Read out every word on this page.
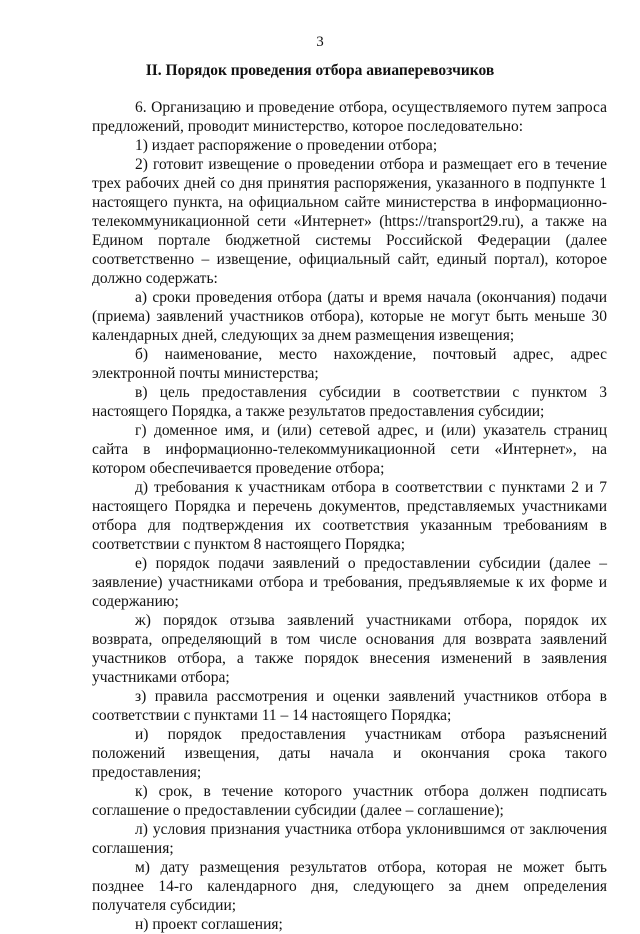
3
II. Порядок проведения отбора авиаперевозчиков

6. Организацию и проведение отбора, осуществляемого путем запроса предложений, проводит министерство, которое последовательно:

1) издает распоряжение о проведении отбора;

2) готовит извещение о проведении отбора и размещает его в течение трех рабочих дней со дня принятия распоряжения, указанного в подпункте 1 настоящего пункта, на официальном сайте министерства в информационно-телекоммуникационной сети «Интернет» (https://transport29.ru), а также на Едином портале бюджетной системы Российской Федерации (далее соответственно – извещение, официальный сайт, единый портал), которое должно содержать:

а) сроки проведения отбора (даты и время начала (окончания) подачи (приема) заявлений участников отбора), которые не могут быть меньше 30 календарных дней, следующих за днем размещения извещения;

б) наименование, место нахождение, почтовый адрес, адрес электронной почты министерства;

в) цель предоставления субсидии в соответствии с пунктом 3 настоящего Порядка, а также результатов предоставления субсидии;

г) доменное имя, и (или) сетевой адрес, и (или) указатель страниц сайта в информационно-телекоммуникационной сети «Интернет», на котором обеспечивается проведение отбора;

д) требования к участникам отбора в соответствии с пунктами 2 и 7 настоящего Порядка и перечень документов, представляемых участниками отбора для подтверждения их соответствия указанным требованиям в соответствии с пунктом 8 настоящего Порядка;

е) порядок подачи заявлений о предоставлении субсидии (далее – заявление) участниками отбора и требования, предъявляемые к их форме и содержанию;

ж) порядок отзыва заявлений участниками отбора, порядок их возврата, определяющий в том числе основания для возврата заявлений участников отбора, а также порядок внесения изменений в заявления участниками отбора;

з) правила рассмотрения и оценки заявлений участников отбора в соответствии с пунктами 11 – 14 настоящего Порядка;

и) порядок предоставления участникам отбора разъяснений положений извещения, даты начала и окончания срока такого предоставления;

к) срок, в течение которого участник отбора должен подписать соглашение о предоставлении субсидии (далее – соглашение);

л) условия признания участника отбора уклонившимся от заключения соглашения;

м) дату размещения результатов отбора, которая не может быть позднее 14-го календарного дня, следующего за днем определения получателя субсидии;

н) проект соглашения;
